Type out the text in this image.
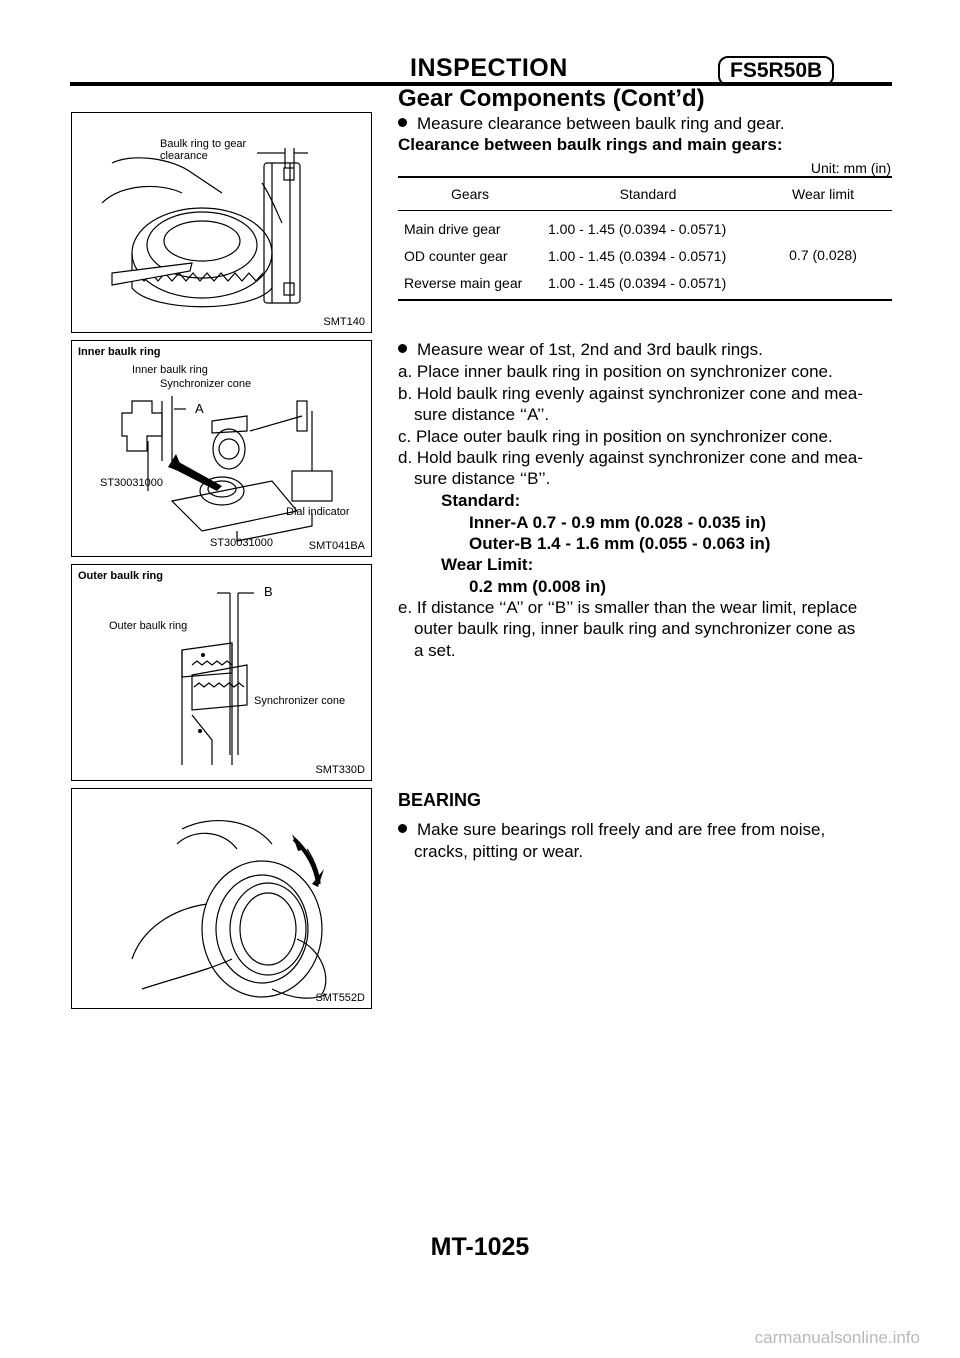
INSPECTION	FS5R50B
Gear Components (Cont’d)
Baulk ring to gear clearance
SMT140
Inner baulk ring
Inner baulk ring
Synchronizer cone
A
ST30031000
Dial indicator
ST30031000	SMT041BA
Outer baulk ring
B
Outer baulk ring
Synchronizer cone
SMT330D
SMT552D
Measure clearance between baulk ring and gear.
Clearance between baulk rings and main gears:
Unit: mm (in)
Gears	Standard	Wear limit
Main drive gear	1.00 - 1.45 (0.0394 - 0.0571)	0.7 (0.028)
OD counter gear	1.00 - 1.45 (0.0394 - 0.0571)	
Reverse main gear	1.00 - 1.45 (0.0394 - 0.0571)	
Measure wear of 1st, 2nd and 3rd baulk rings.
a. Place inner baulk ring in position on synchronizer cone.
b. Hold baulk ring evenly against synchronizer cone and mea-
sure distance ‘‘A’’.
c. Place outer baulk ring in position on synchronizer cone.
d. Hold baulk ring evenly against synchronizer cone and mea-
sure distance ‘‘B’’.
Standard:
Inner-A 0.7 - 0.9 mm (0.028 - 0.035 in)
Outer-B 1.4 - 1.6 mm (0.055 - 0.063 in)
Wear Limit:
0.2 mm (0.008 in)
e. If distance ‘‘A’’ or ‘‘B’’ is smaller than the wear limit, replace
outer baulk ring, inner baulk ring and synchronizer cone as
a set.
BEARING
Make sure bearings roll freely and are free from noise,
cracks, pitting or wear.
MT-1025
carmanualsonline.info
